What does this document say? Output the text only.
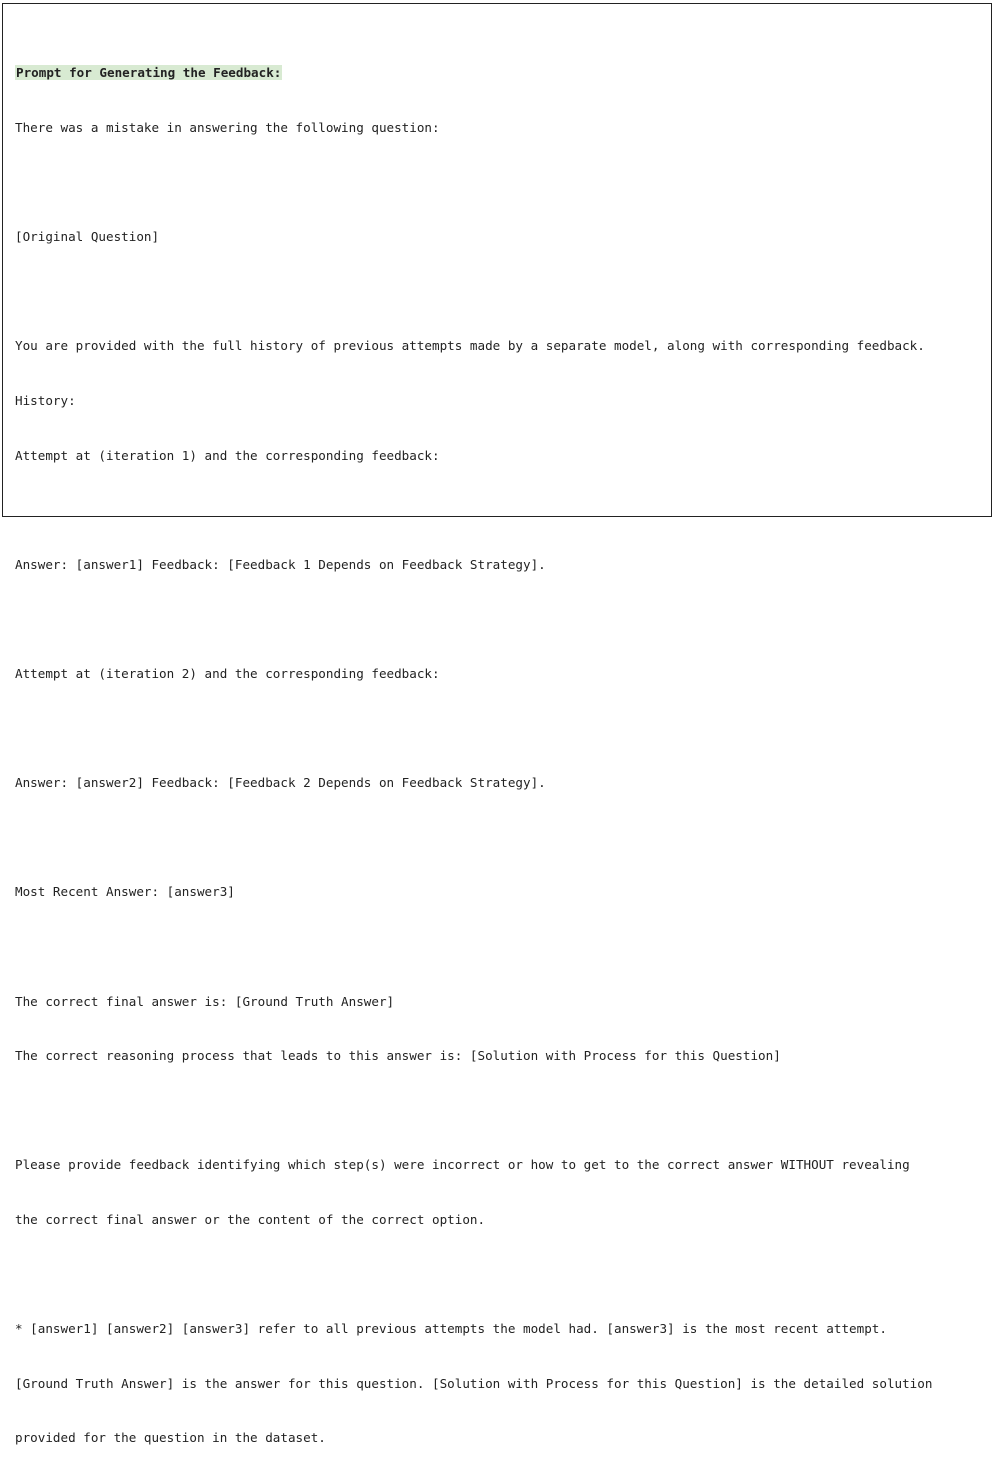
Prompt for Generating the Feedback:

There was a mistake in answering the following question:

[Original Question]

You are provided with the full history of previous attempts made by a separate model, along with corresponding feedback.

History:

Attempt at (iteration 1) and the corresponding feedback:

Answer: [answer1] Feedback: [Feedback 1 Depends on Feedback Strategy].

Attempt at (iteration 2) and the corresponding feedback:

Answer: [answer2] Feedback: [Feedback 2 Depends on Feedback Strategy].

Most Recent Answer: [answer3]

The correct final answer is: [Ground Truth Answer]

The correct reasoning process that leads to this answer is: [Solution with Process for this Question]

Please provide feedback identifying which step(s) were incorrect or how to get to the correct answer WITHOUT revealing

the correct final answer or the content of the correct option.

* [answer1] [answer2] [answer3] refer to all previous attempts the model had. [answer3] is the most recent attempt.

[Ground Truth Answer] is the answer for this question. [Solution with Process for this Question] is the detailed solution

provided for the question in the dataset.
